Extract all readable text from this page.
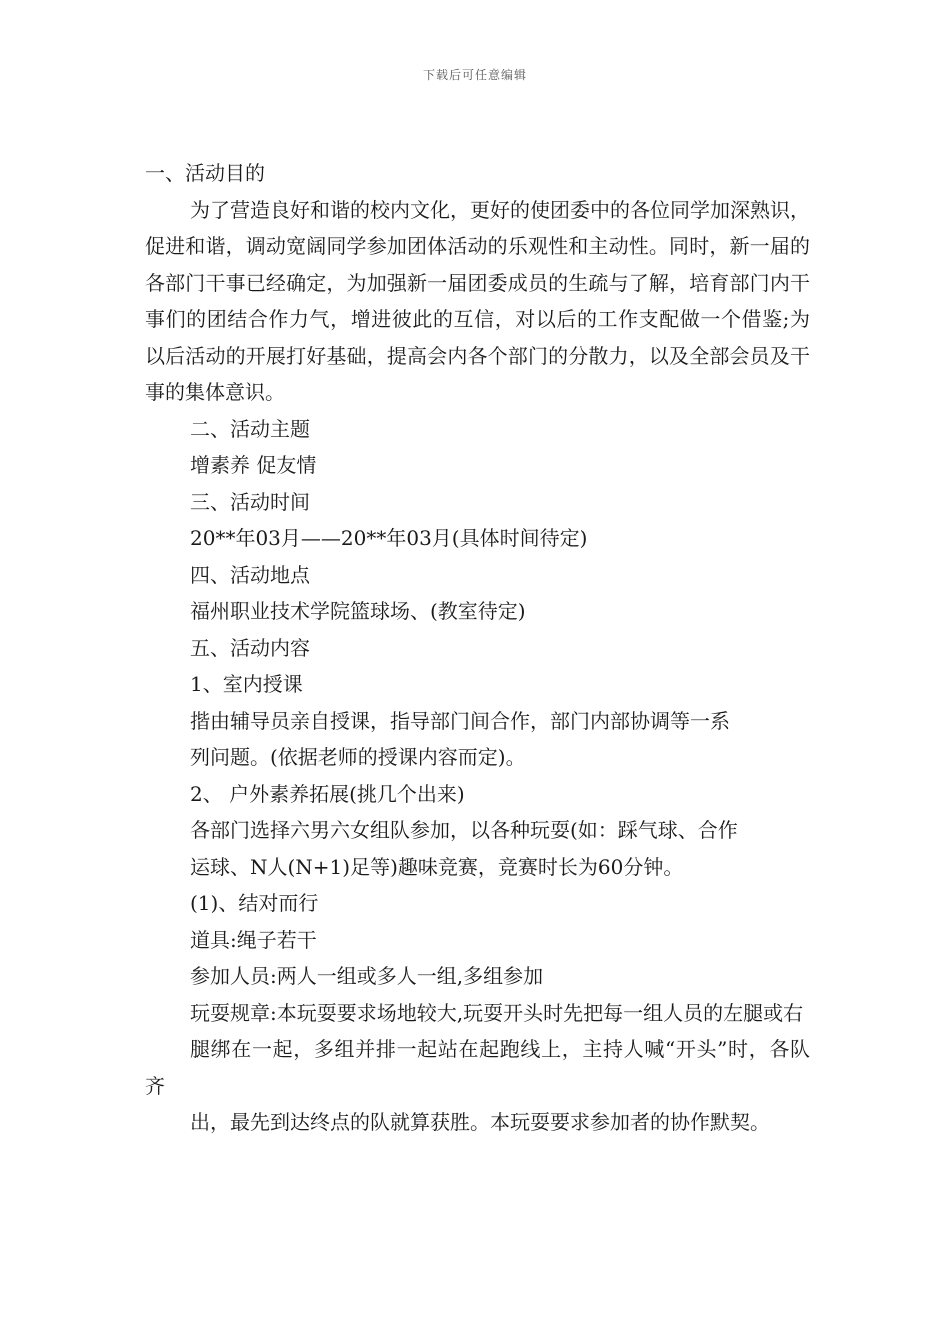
下载后可任意编辑

一、活动目的

为了营造良好和谐的校内文化，更好的使团委中的各位同学加深熟识，促进和谐，调动宽阔同学参加团体活动的乐观性和主动性。同时，新一届的各部门干事已经确定，为加强新一届团委成员的生疏与了解，培育部门内干事们的团结合作力气，增进彼此的互信，对以后的工作支配做一个借鉴;为以后活动的开展打好基础，提高会内各个部门的分散力，以及全部会员及干事的集体意识。

二、活动主题

增素养 促友情

三、活动时间

20**年03月——20**年03月(具体时间待定)

四、活动地点

福州职业技术学院篮球场、(教室待定)

五、活动内容

1、室内授课

揩由辅导员亲自授课，指导部门间合作，部门内部协调等一系

列问题。(依据老师的授课内容而定)。

2、 户外素养拓展(挑几个出来)

各部门选择六男六女组队参加，以各种玩耍(如：踩气球、合作

运球、N人(N+1)足等)趣味竞赛，竞赛时长为60分钟。

(1)、结对而行

道具:绳子若干

参加人员:两人一组或多人一组,多组参加

玩耍规章:本玩耍要求场地较大,玩耍开头时先把每一组人员的左腿或右

腿绑在一起，多组并排一起站在起跑线上，主持人喊“开头”时，各队齐

出，最先到达终点的队就算获胜。本玩耍要求参加者的协作默契。
